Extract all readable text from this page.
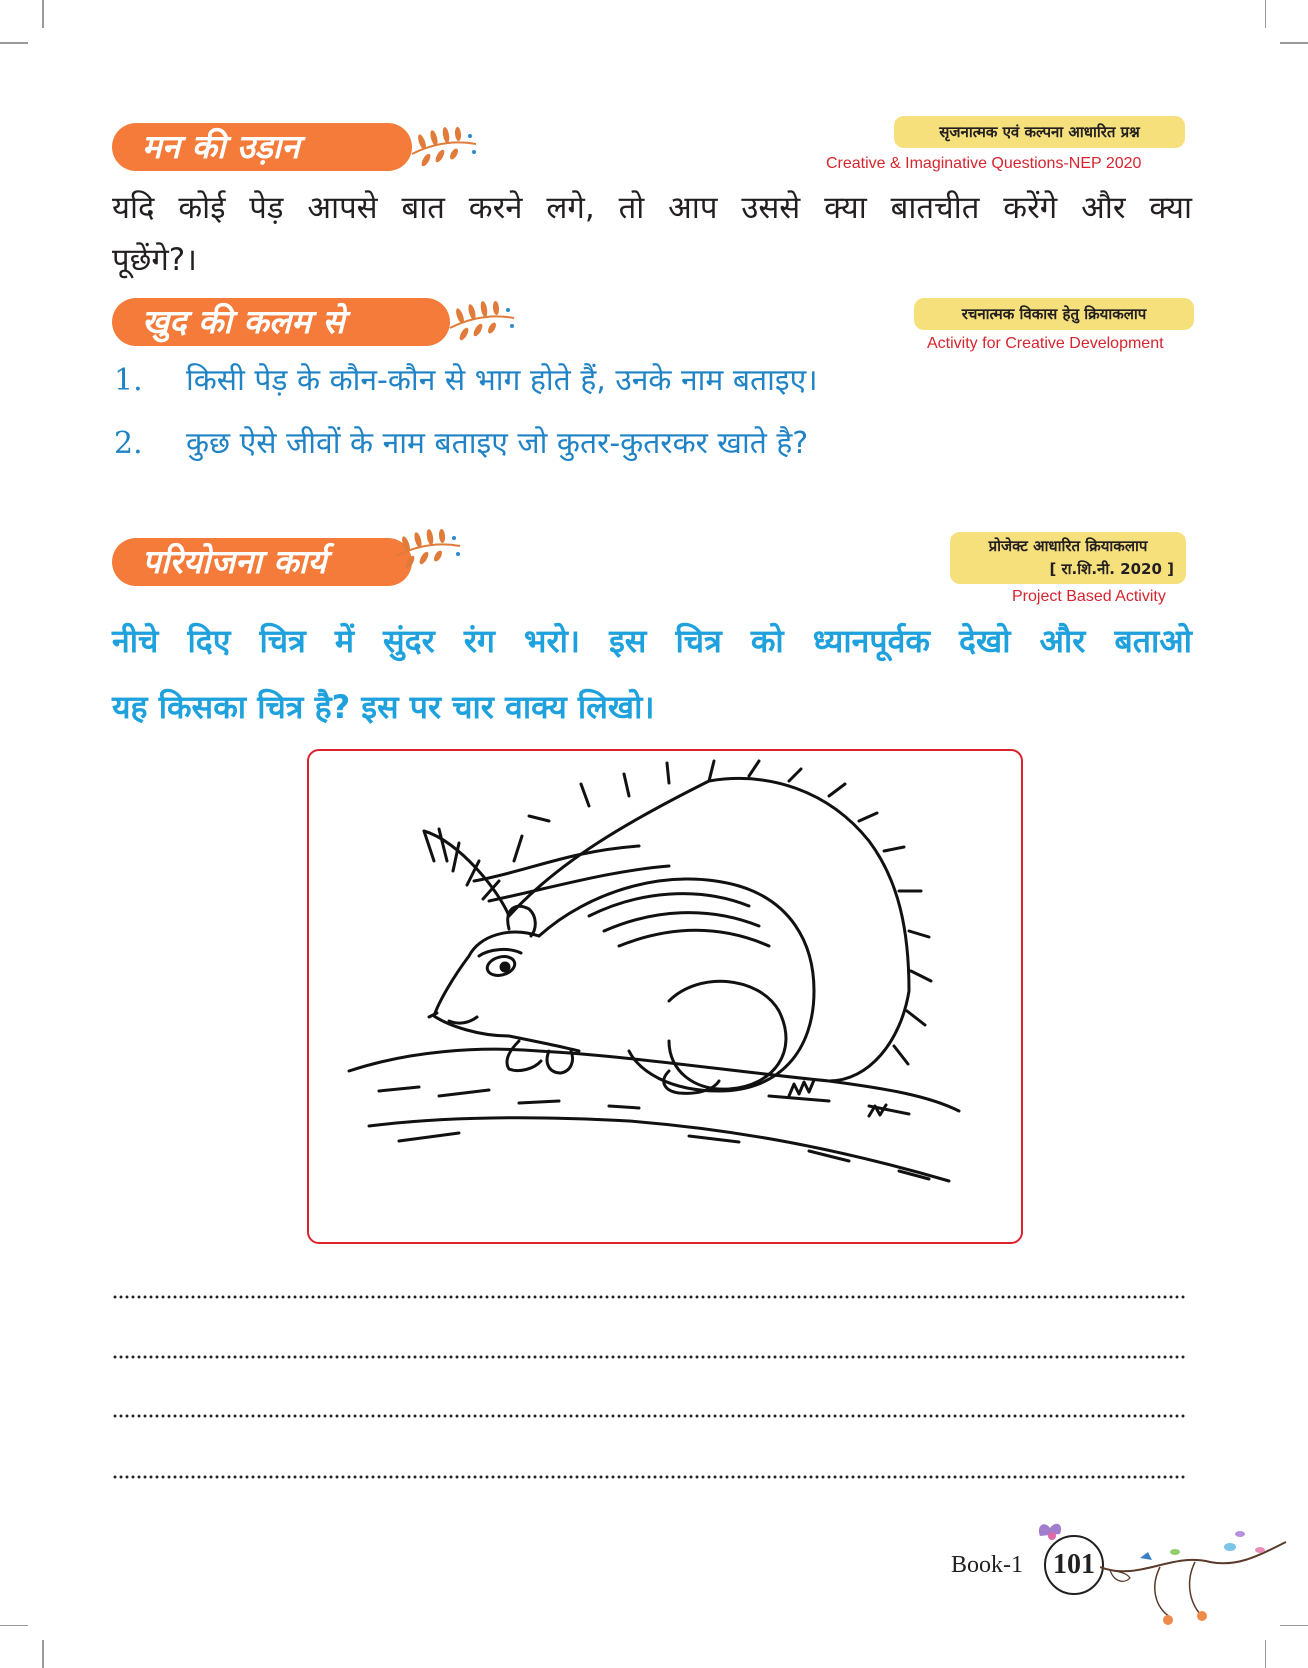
मन की उड़ान	सृजनात्मक एवं कल्पना आधारित प्रश्न
Creative & Imaginative Questions-NEP 2020
यदि कोई पेड़ आपसे बात करने लगे, तो आप उससे क्या बातचीत करेंगे और क्या
पूछेंगे?।
खुद की कलम से	रचनात्मक विकास हेतु क्रियाकलाप
Activity for Creative Development
1. किसी पेड़ के कौन-कौन से भाग होते हैं, उनके नाम बताइए।
2. कुछ ऐसे जीवों के नाम बताइए जो कुतर-कुतरकर खाते है?
परियोजना कार्य	प्रोजेक्ट आधारित क्रियाकलाप
[ रा.शि.नी. 2020 ]
Project Based Activity
नीचे दिए चित्र में सुंदर रंग भरो। इस चित्र को ध्यानपूर्वक देखो और बताओ
यह किसका चित्र है? इस पर चार वाक्य लिखो।
Book-1	101
